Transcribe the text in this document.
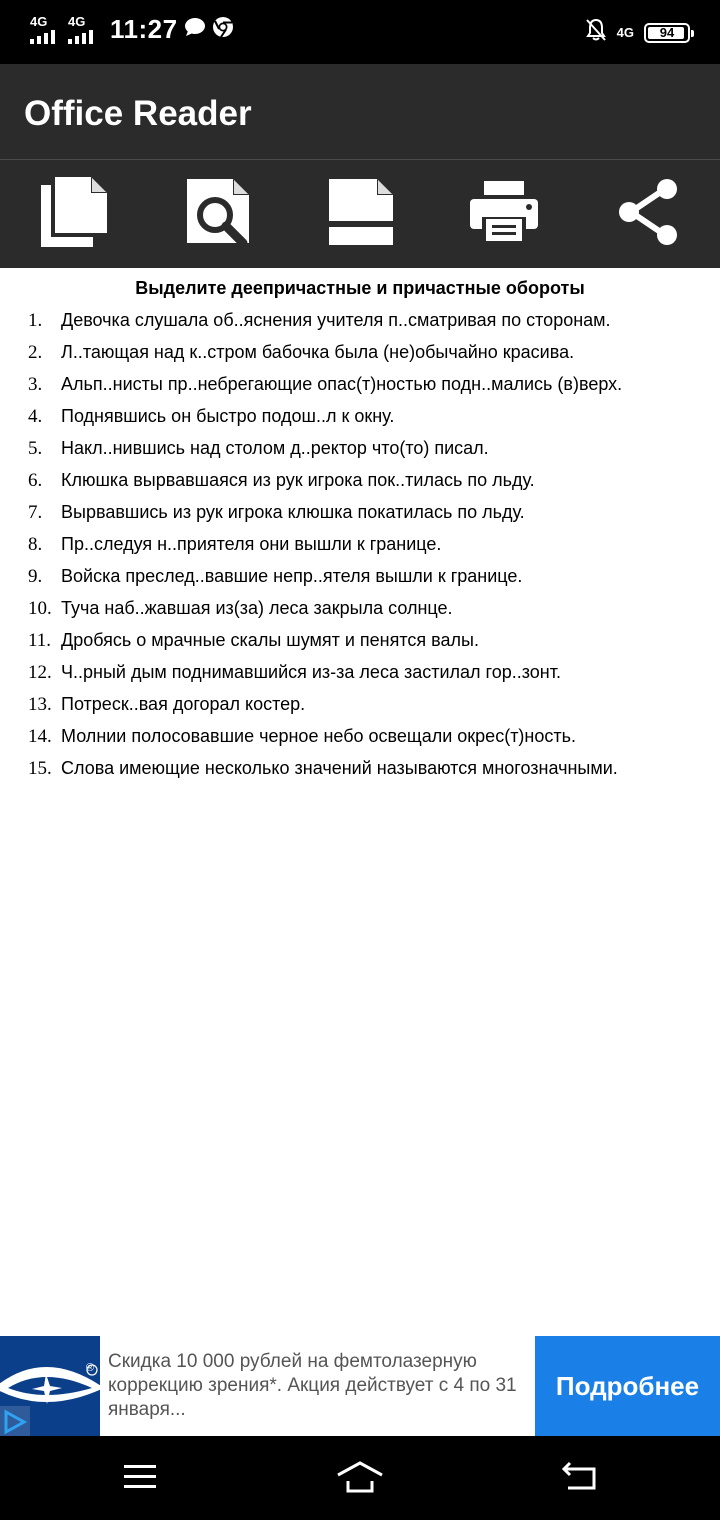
4G 4G 11:27	4G	94
Office Reader
Выделите деепричастные и причастные обороты
1.	Девочка слушала об..яснения учителя п..сматривая по сторонам.
2.	Л..тающая над к..стром бабочка была (не)обычайно красива.
3.	Альп..нисты пр..небрегающие опас(т)ностью подн..мались (в)верх.
4.	Поднявшись он быстро подош..л к окну.
5.	Накл..нившись над столом д..ректор что(то) писал.
6.	Клюшка вырвавшаяся из рук игрока пок..тилась по льду.
7.	Вырвавшись из рук игрока клюшка покатилась по льду.
8.	Пр..следуя н..приятеля они вышли к границе.
9.	Войска преслед..вавшие непр..ятеля вышли к границе.
10. Туча наб..жавшая из(за) леса закрыла солнце.
11. Дробясь о мрачные скалы шумят и пенятся валы.
12. Ч..рный дым поднимавшийся из-за леса застилал гор..зонт.
13. Потреск..вая догорал костер.
14. Молнии полосовавшие черное небо освещали окрес(т)ность.
15. Слова имеющие несколько значений называются многозначными.
® Скидка 10 000 рублей на фемтолазерную коррекцию зрения*. Акция действует с 4 по 31 января...
Подробнее
